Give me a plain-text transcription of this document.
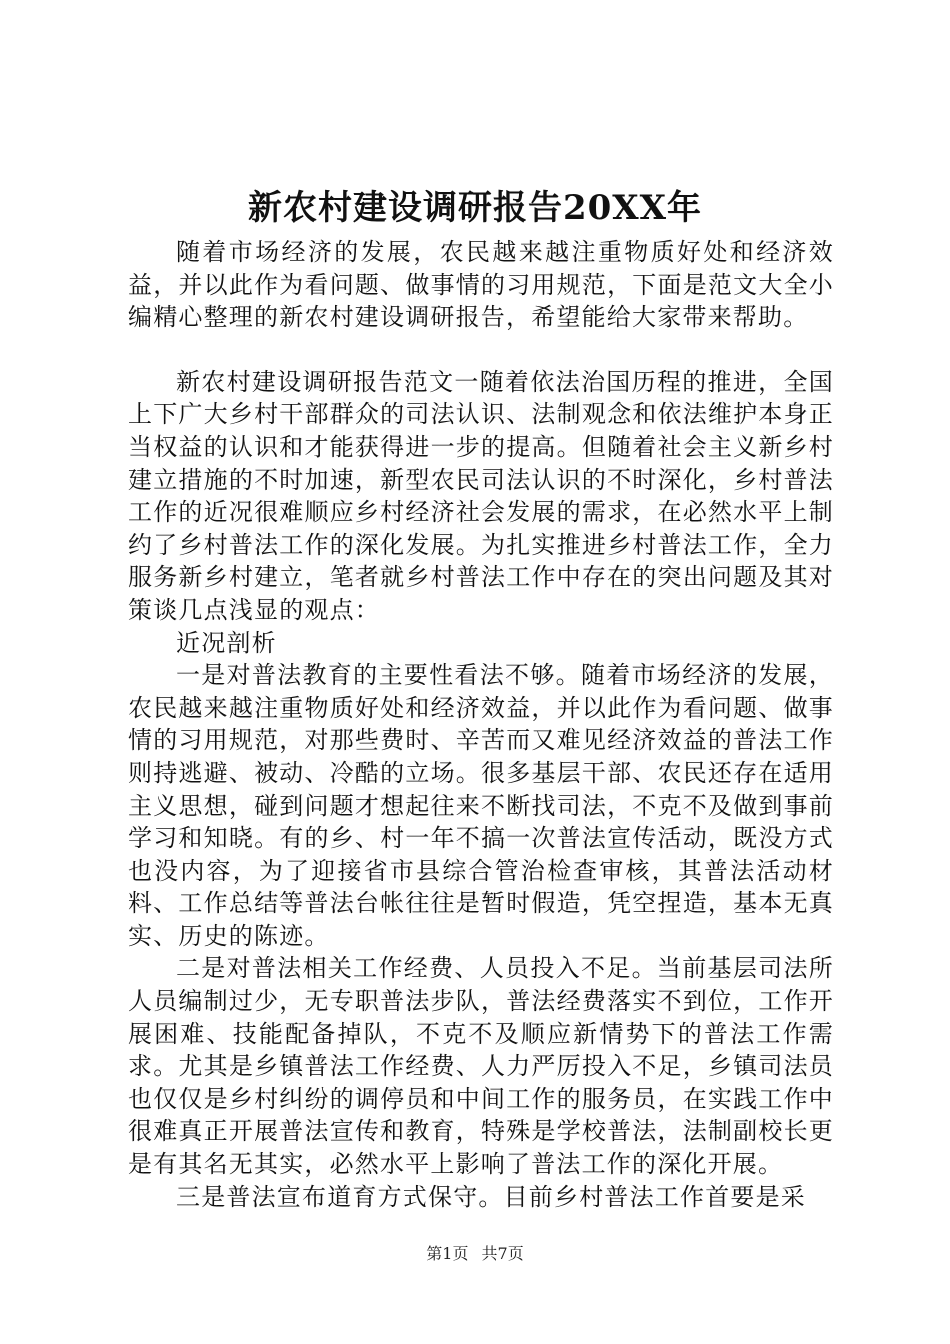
新农村建设调研报告20XX年

随着市场经济的发展，农民越来越注重物质好处和经济效益，并以此作为看问题、做事情的习用规范，下面是范文大全小编精心整理的新农村建设调研报告，希望能给大家带来帮助。

新农村建设调研报告范文一随着依法治国历程的推进，全国上下广大乡村干部群众的司法认识、法制观念和依法维护本身正当权益的认识和才能获得进一步的提高。但随着社会主义新乡村建立措施的不时加速，新型农民司法认识的不时深化，乡村普法工作的近况很难顺应乡村经济社会发展的需求，在必然水平上制约了乡村普法工作的深化发展。为扎实推进乡村普法工作，全力服务新乡村建立，笔者就乡村普法工作中存在的突出问题及其对策谈几点浅显的观点：

近况剖析

一是对普法教育的主要性看法不够。随着市场经济的发展，农民越来越注重物质好处和经济效益，并以此作为看问题、做事情的习用规范，对那些费时、辛苦而又难见经济效益的普法工作则持逃避、被动、冷酷的立场。很多基层干部、农民还存在适用主义思想，碰到问题才想起往来不断找司法，不克不及做到事前学习和知晓。有的乡、村一年不搞一次普法宣传活动，既没方式也没内容，为了迎接省市县综合管治检查审核，其普法活动材料、工作总结等普法台帐往往是暂时假造，凭空捏造，基本无真实、历史的陈迹。

二是对普法相关工作经费、人员投入不足。当前基层司法所人员编制过少，无专职普法步队，普法经费落实不到位，工作开展困难、技能配备掉队，不克不及顺应新情势下的普法工作需求。尤其是乡镇普法工作经费、人力严厉投入不足，乡镇司法员也仅仅是乡村纠纷的调停员和中间工作的服务员，在实践工作中很难真正开展普法宣传和教育，特殊是学校普法，法制副校长更是有其名无其实，必然水平上影响了普法工作的深化开展。

三是普法宣布道育方式保守。目前乡村普法工作首要是采

第1页 共7页
